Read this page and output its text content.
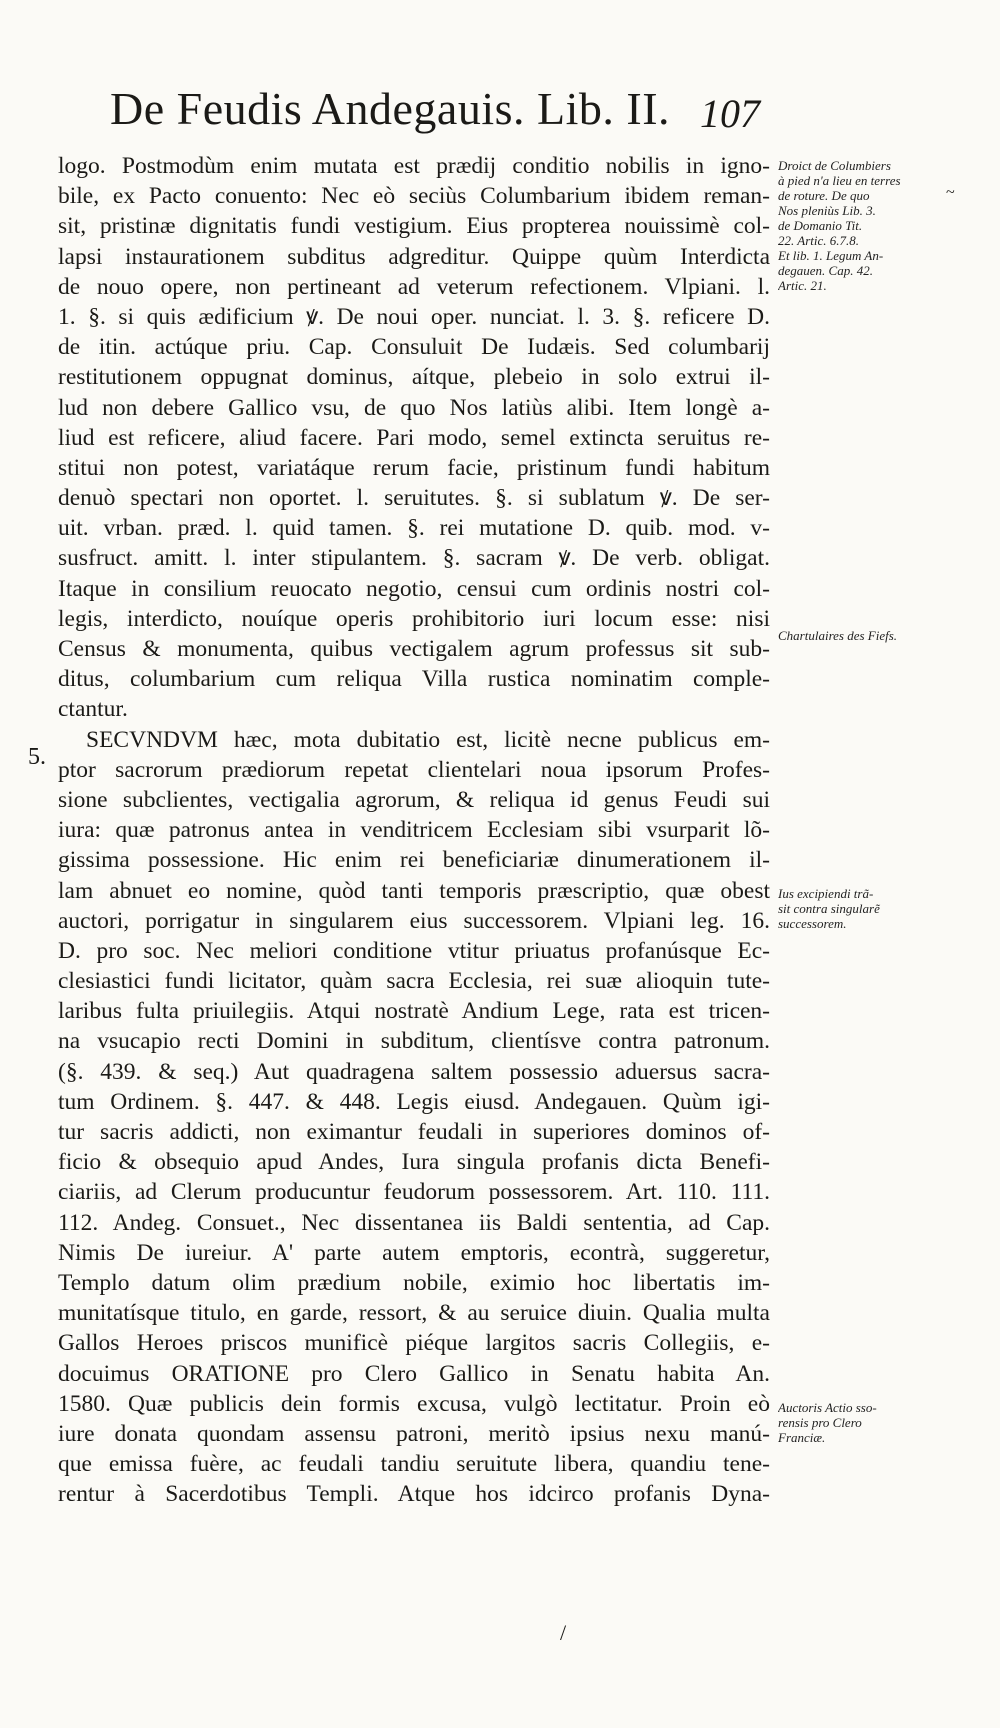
De Feudis Andegauis. Lib. II. 107
5.
logo. Postmodùm enim mutata est prædij conditio nobilis in igno-
bile, ex Pacto conuento: Nec eò seciùs Columbarium ibidem reman-
sit, pristinæ dignitatis fundi vestigium. Eius propterea nouissimè col-
lapsi instaurationem subditus adgreditur. Quippe quùm Interdicta
de nouo opere, non pertineant ad veterum refectionem. Vlpiani. l.
1. §. si quis ædificium ꝟ. De noui oper. nunciat. l. 3. §. reficere D.
de itin. actúque priu. Cap. Consuluit De Iudæis. Sed columbarij
restitutionem oppugnat dominus, aítque, plebeio in solo extrui il-
lud non debere Gallico vsu, de quo Nos latiùs alibi. Item longè a-
liud est reficere, aliud facere. Pari modo, semel extincta seruitus re-
stitui non potest, variatáque rerum facie, pristinum fundi habitum
denuò spectari non oportet. l. seruitutes. §. si sublatum ꝟ. De ser-
uit. vrban. præd. l. quid tamen. §. rei mutatione D. quib. mod. v-
susfruct. amitt. l. inter stipulantem. §. sacram ꝟ. De verb. obligat.
Itaque in consilium reuocato negotio, censui cum ordinis nostri col-
legis, interdicto, nouíque operis prohibitorio iuri locum esse: nisi
Census & monumenta, quibus vectigalem agrum professus sit sub-
ditus, columbarium cum reliqua Villa rustica nominatim comple-
ctantur.
SECVNDVM hæc, mota dubitatio est, licitè necne publicus em-
ptor sacrorum prædiorum repetat clientelari noua ipsorum Profes-
sione subclientes, vectigalia agrorum, & reliqua id genus Feudi sui
iura: quæ patronus antea in venditricem Ecclesiam sibi vsurparit lõ-
gissima possessione. Hic enim rei beneficiariæ dinumerationem il-
lam abnuet eo nomine, quòd tanti temporis præscriptio, quæ obest
auctori, porrigatur in singularem eius successorem. Vlpiani leg. 16.
D. pro soc. Nec meliori conditione vtitur priuatus profanúsque Ec-
clesiastici fundi licitator, quàm sacra Ecclesia, rei suæ alioquin tute-
laribus fulta priuilegiis. Atqui nostratè Andium Lege, rata est tricen-
na vsucapio recti Domini in subditum, clientísve contra patronum.
(§. 439. & seq.) Aut quadragena saltem possessio aduersus sacra-
tum Ordinem. §. 447. & 448. Legis eiusd. Andegauen. Quùm igi-
tur sacris addicti, non eximantur feudali in superiores dominos of-
ficio & obsequio apud Andes, Iura singula profanis dicta Benefi-
ciariis, ad Clerum producuntur feudorum possessorem. Art. 110. 111.
112. Andeg. Consuet., Nec dissentanea iis Baldi sententia, ad Cap.
Nimis De iureiur. A' parte autem emptoris, econtrà, suggeretur,
Templo datum olim prædium nobile, eximio hoc libertatis im-
munitatísque titulo, en garde, ressort, & au seruice diuin. Qualia multa
Gallos Heroes priscos munificè piéque largitos sacris Collegiis, e-
docuimus ORATIONE pro Clero Gallico in Senatu habita An.
1580. Quæ publicis dein formis excusa, vulgò lectitatur. Proin eò
iure donata quondam assensu patroni, meritò ipsius nexu manú-
que emissa fuère, ac feudali tandiu seruitute libera, quandiu tene-
rentur à Sacerdotibus Templi. Atque hos idcirco profanis Dyna-
Droict de Columbiers
à pied n'a lieu en terres
de roture. De quo
Nos pleniùs Lib. 3.
de Domanio Tit.
22. Artic. 6.7.8.
Et lib. 1. Legum An-
degauen. Cap. 42.
Artic. 21.
Chartulaires des Fiefs.
Ius excipiendi trã-
sit contra singularẽ
successorem.
Auctoris Actio sso-
rensis pro Clero
Franciæ.
~
/
